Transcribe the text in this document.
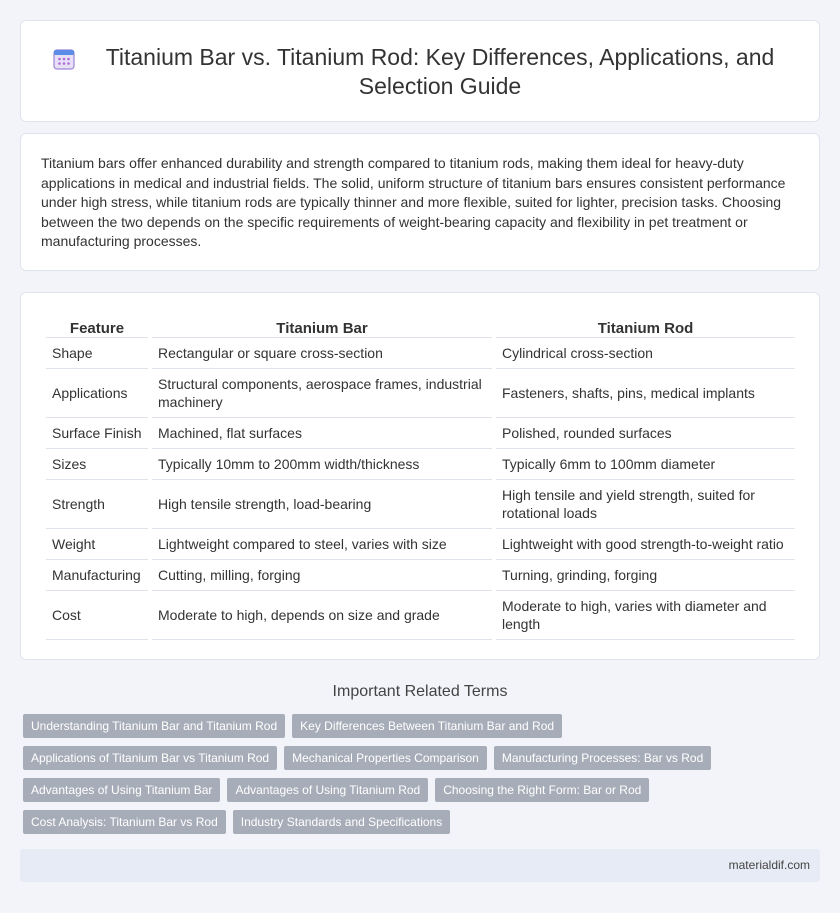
Titanium Bar vs. Titanium Rod: Key Differences, Applications, and Selection Guide

Titanium bars offer enhanced durability and strength compared to titanium rods, making them ideal for heavy-duty applications in medical and industrial fields. The solid, uniform structure of titanium bars ensures consistent performance under high stress, while titanium rods are typically thinner and more flexible, suited for lighter, precision tasks. Choosing between the two depends on the specific requirements of weight-bearing capacity and flexibility in pet treatment or manufacturing processes.

Feature	Titanium Bar	Titanium Rod
Shape	Rectangular or square cross-section	Cylindrical cross-section
Applications	Structural components, aerospace frames, industrial machinery	Fasteners, shafts, pins, medical implants
Surface Finish	Machined, flat surfaces	Polished, rounded surfaces
Sizes	Typically 10mm to 200mm width/thickness	Typically 6mm to 100mm diameter
Strength	High tensile strength, load-bearing	High tensile and yield strength, suited for rotational loads
Weight	Lightweight compared to steel, varies with size	Lightweight with good strength-to-weight ratio
Manufacturing	Cutting, milling, forging	Turning, grinding, forging
Cost	Moderate to high, depends on size and grade	Moderate to high, varies with diameter and length
Important Related Terms
Understanding Titanium Bar and Titanium Rod	Key Differences Between Titanium Bar and Rod
Applications of Titanium Bar vs Titanium Rod	Mechanical Properties Comparison	Manufacturing Processes: Bar vs Rod
Advantages of Using Titanium Bar	Advantages of Using Titanium Rod	Choosing the Right Form: Bar or Rod
Cost Analysis: Titanium Bar vs Rod	Industry Standards and Specifications
materialdif.com
